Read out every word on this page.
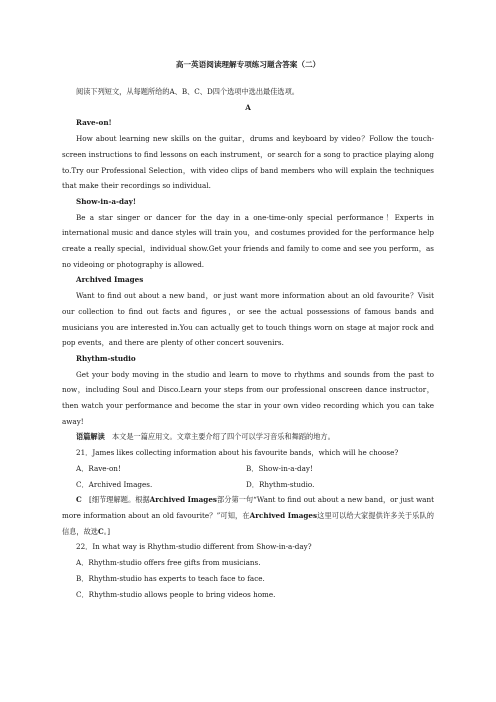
高一英语阅读理解专项练习题含答案（二）

阅读下列短文，从每题所给的A、B、C、D四个选项中选出最佳选项。

A

Rave-on!

How about learning new skills on the guitar，drums and keyboard by video？Follow the touch-screen instructions to find lessons on each instrument，or search for a song to practice playing along to.Try our Professional Selection，with video clips of band members who will explain the techniques that make their recordings so individual.

Show-in-a-day!

Be a star singer or dancer for the day in a one-time-only special performance！Experts in international music and dance styles will train you，and costumes provided for the performance help create a really special，individual show.Get your friends and family to come and see you perform，as no videoing or photography is allowed.

Archived Images

Want to find out about a new band，or just want more information about an old favourite？Visit our collection to find out facts and figures，or see the actual possessions of famous bands and musicians you are interested in.You can actually get to touch things worn on stage at major rock and pop events，and there are plenty of other concert souvenirs.

Rhythm-studio

Get your body moving in the studio and learn to move to rhythms and sounds from the past to now，including Soul and Disco.Learn your steps from our professional onscreen dance instructor，then watch your performance and become the star in your own video recording which you can take away!

语篇解读　本文是一篇应用文。文章主要介绍了四个可以学习音乐和舞蹈的地方。

21．James likes collecting information about his favourite bands，which will he choose?

A．Rave-on!	B．Show-in-a-day!
C．Archived Images.	D．Rhythm-studio.

C　[细节理解题。根据Archived Images部分第一句“Want to find out about a new band，or just want more information about an old favourite？”可知，在Archived Images这里可以给大家提供许多关于乐队的信息，故选C。]

22．In what way is Rhythm-studio different from Show-in-a-day?

A．Rhythm-studio offers free gifts from musicians.

B．Rhythm-studio has experts to teach face to face.

C．Rhythm-studio allows people to bring videos home.
